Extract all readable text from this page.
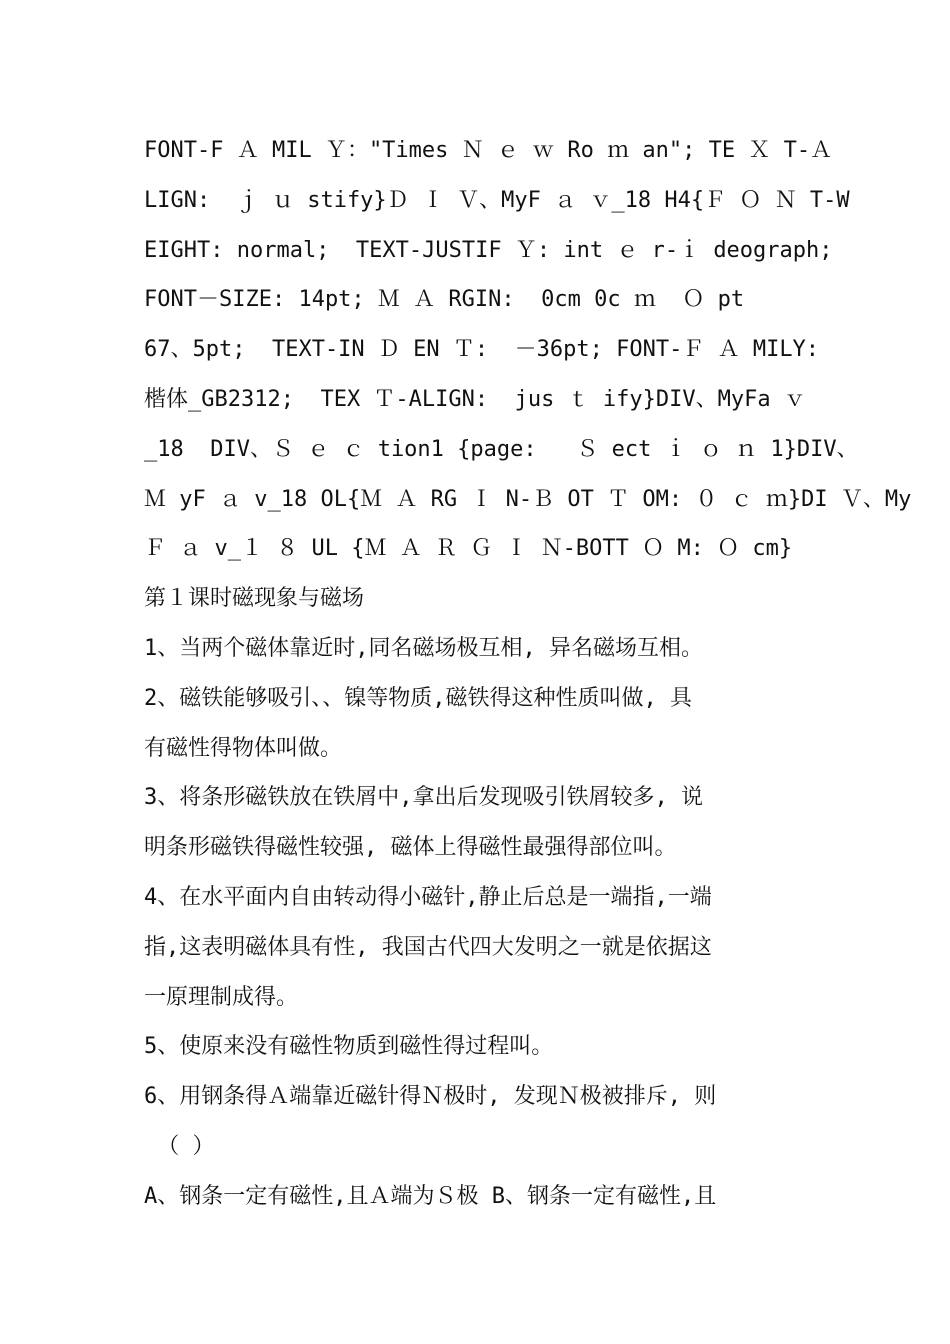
FONT-F Ａ MIL Ｙ："Times Ｎ ｅ ｗ Ro ｍ an"; TE Ｘ T-Ａ
LIGN:  ｊ ｕ stify}Ｄ Ｉ Ｖ、MyF ａ ｖ_18 H4{Ｆ Ｏ Ｎ T-W
EIGHT: normal;  TEXT-JUSTIF Ｙ: int ｅ r-ｉ deograph;
FONT－SIZE: 14pt; Ｍ Ａ RGIN:  0cm 0c ｍ  Ｏ pt
67、5pt;  TEXT-IN Ｄ EN Ｔ:  －36pt; FONT-Ｆ Ａ MILY:
楷体_GB2312;  TEX Ｔ-ALIGN:  jus ｔ ify}DIV、MyFa ｖ
_18  DIV、Ｓ ｅ ｃ tion1 {page:   Ｓ ect ｉ ｏ ｎ 1}DIV、
Ｍ yF ａ v_18 OL{Ｍ Ａ RG Ｉ N-Ｂ OT Ｔ OM: ０ ｃ ｍ}DI Ｖ、My
Ｆ ａ v_１ ８ UL {Ｍ Ａ Ｒ Ｇ Ｉ Ｎ-BOTT Ｏ M: Ｏ cm}
第１课时磁现象与磁场
1、当两个磁体靠近时,同名磁场极互相, 异名磁场互相。
2、磁铁能够吸引、、镍等物质,磁铁得这种性质叫做, 具
有磁性得物体叫做。
3、将条形磁铁放在铁屑中,拿出后发现吸引铁屑较多, 说
明条形磁铁得磁性较强, 磁体上得磁性最强得部位叫。
4、在水平面内自由转动得小磁针,静止后总是一端指,一端
指,这表明磁体具有性, 我国古代四大发明之一就是依据这
一原理制成得。
5、使原来没有磁性物质到磁性得过程叫。
6、用钢条得Ａ端靠近磁针得Ｎ极时, 发现Ｎ极被排斥, 则
（ ）
A、钢条一定有磁性,且Ａ端为Ｓ极 B、钢条一定有磁性,且
